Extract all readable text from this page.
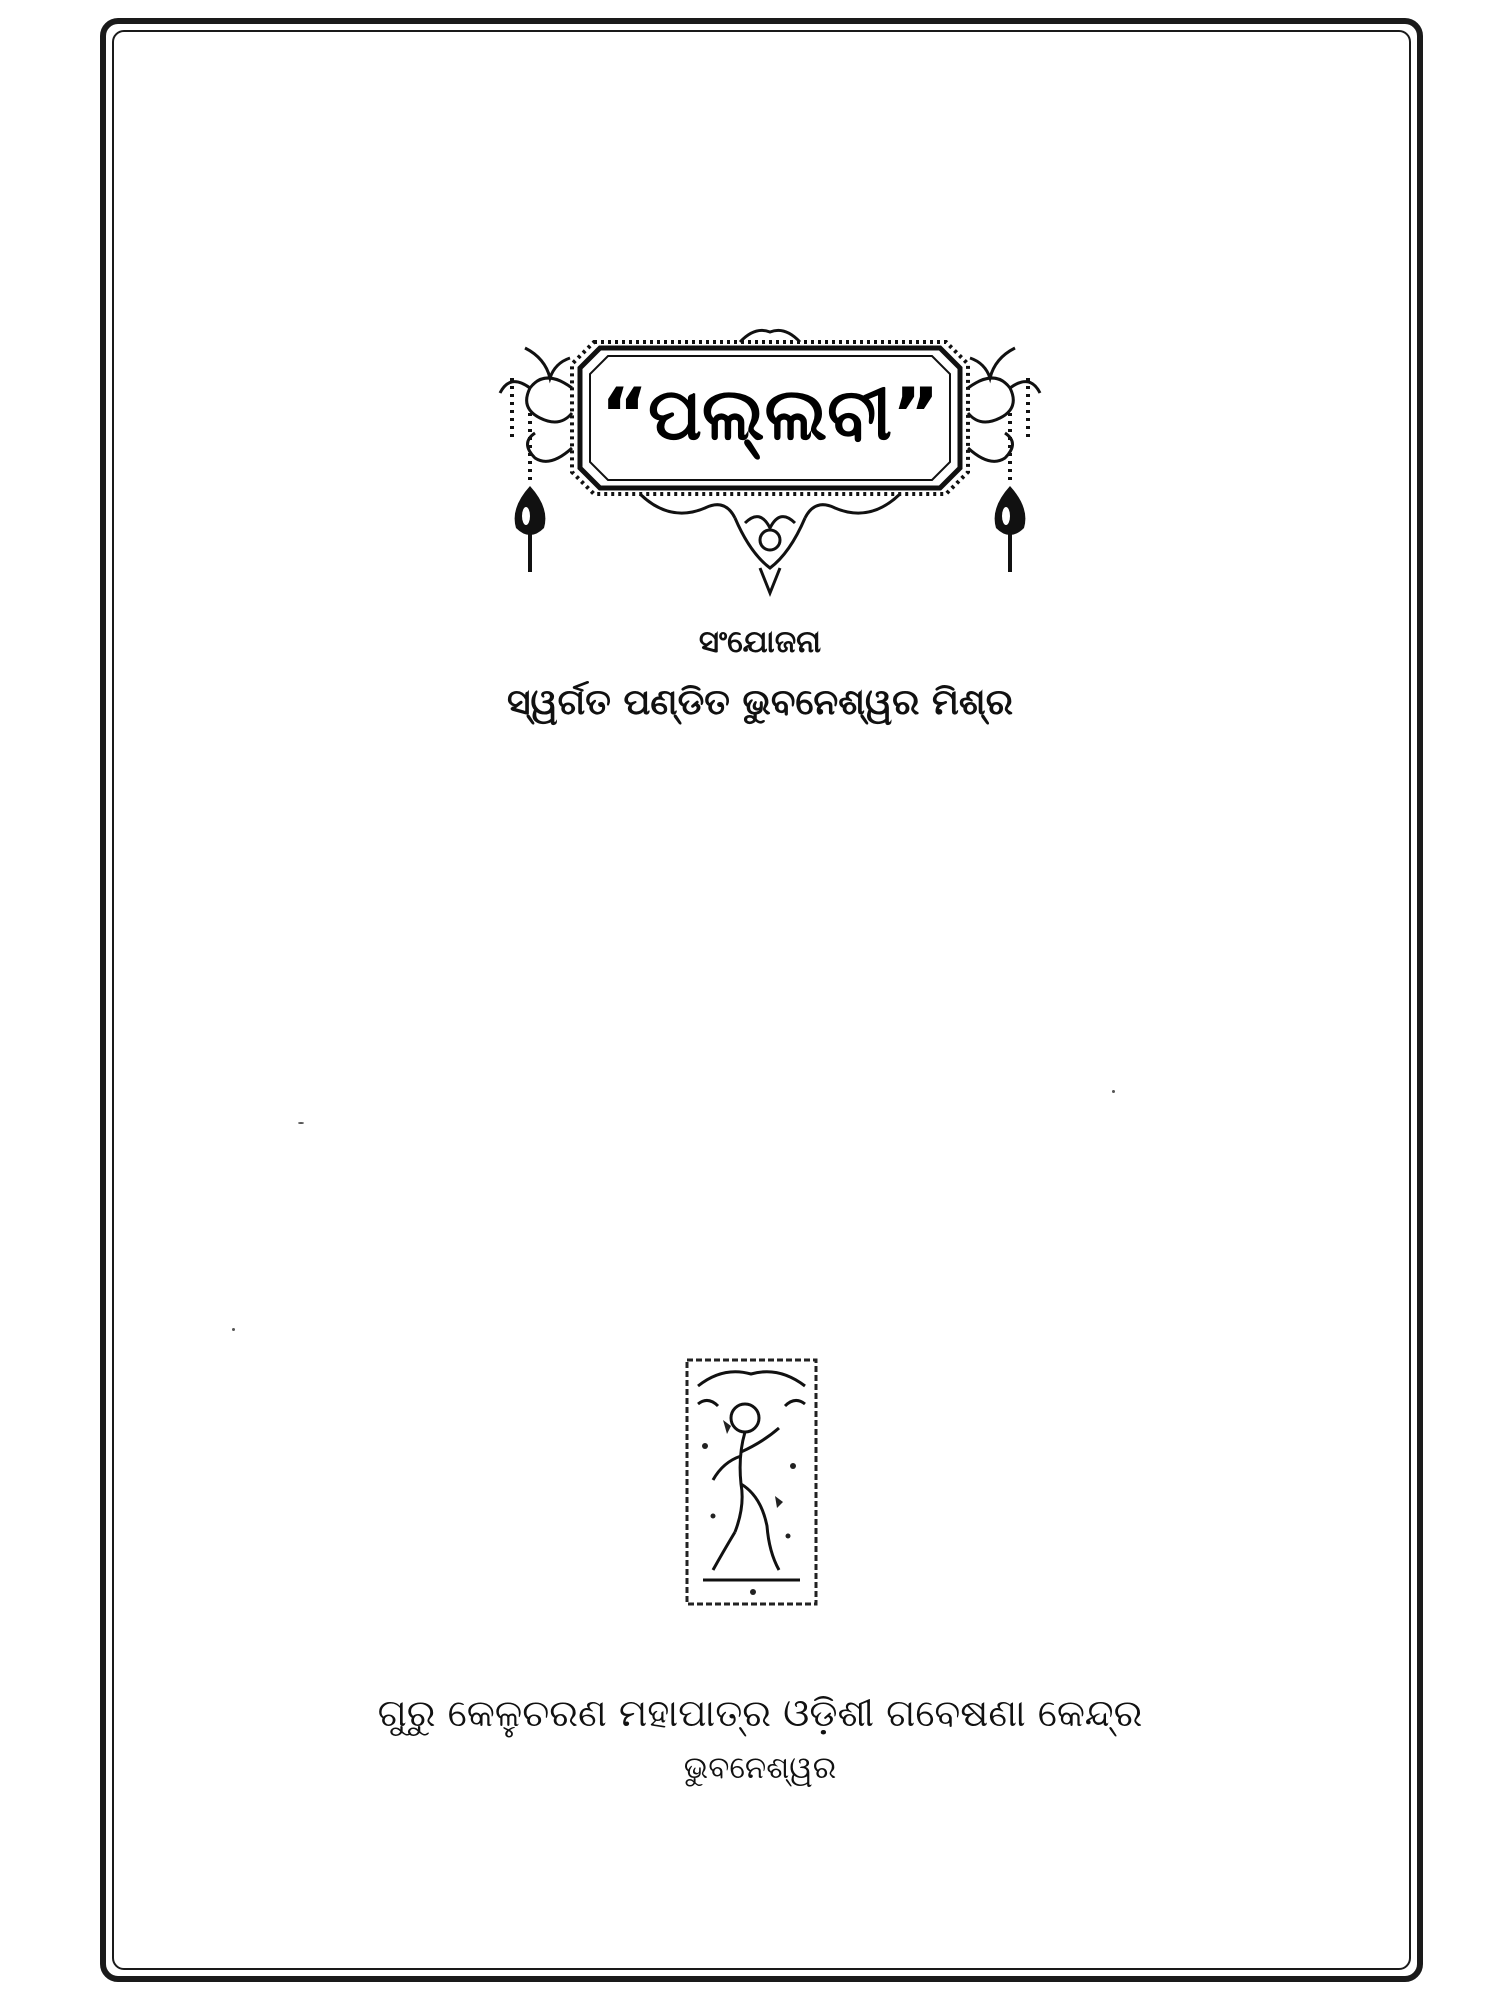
“ପଲ୍ଲବୀ”
ସଂଯୋଜନା
ସ୍ୱର୍ଗତ ପଣ୍ଡିତ ଭୁବନେଶ୍ୱର ମିଶ୍ର
ଗୁରୁ କେଳୁଚରଣ ମହାପାତ୍ର ଓଡ଼ିଶୀ ଗବେଷଣା କେନ୍ଦ୍ର
ଭୁବନେଶ୍ୱର
